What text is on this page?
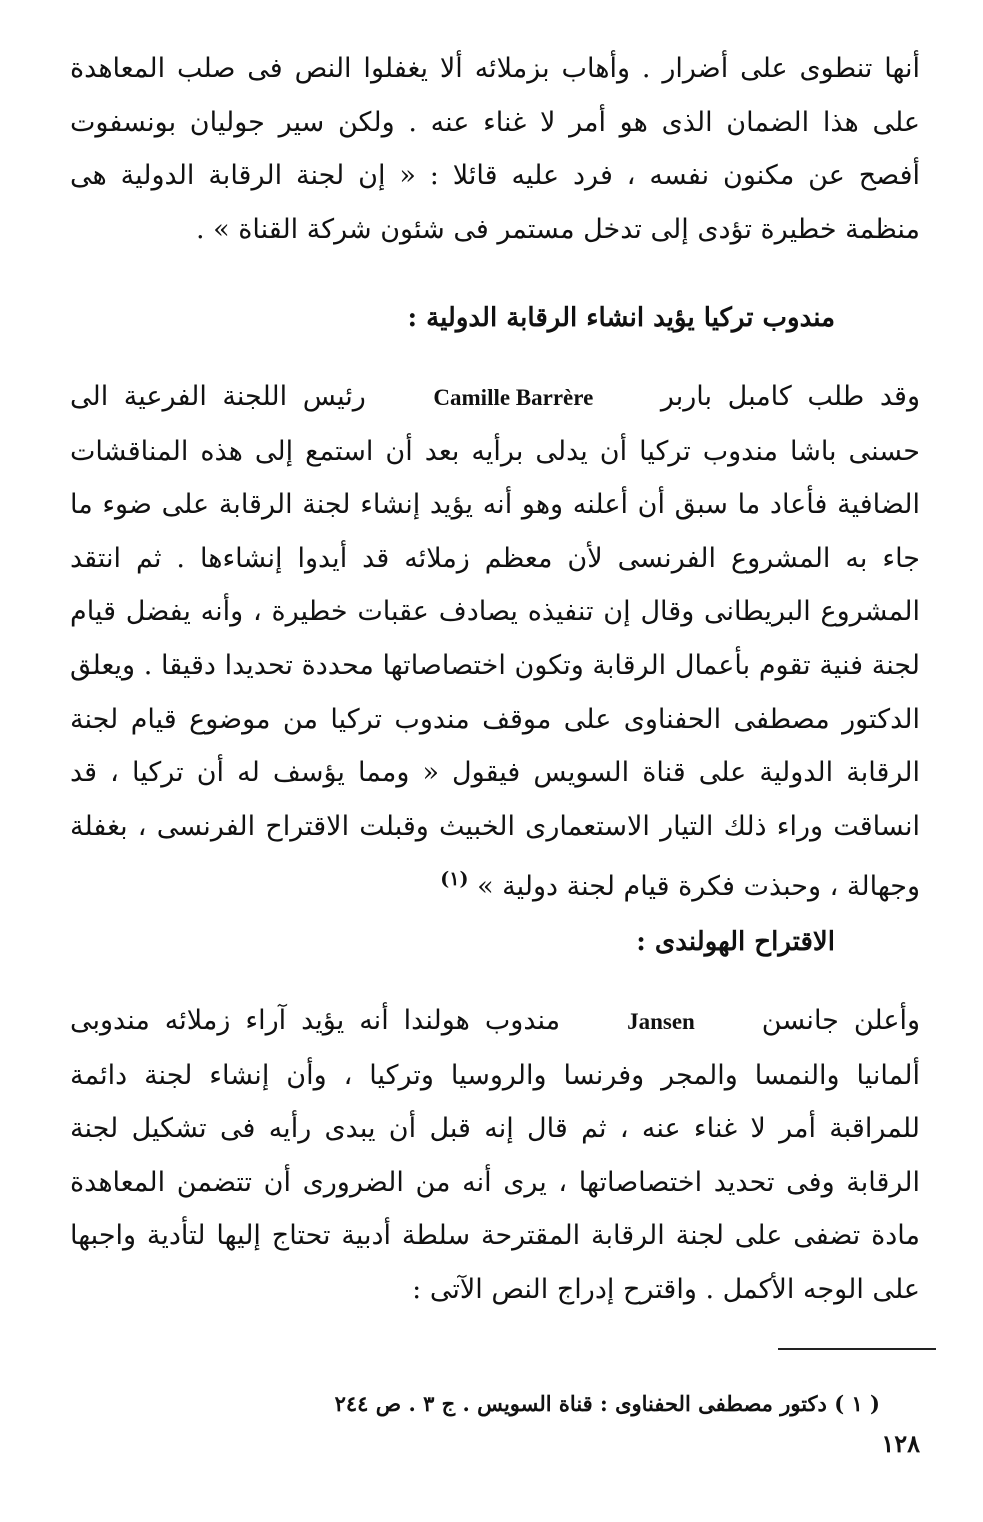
أنها تنطوى على أضرار . وأهاب بزملائه ألا يغفلوا النص فى صلب المعاهدة على هذا الضمان الذى هو أمر لا غناء عنه . ولكن سير جوليان بونسفوت أفصح عن مكنون نفسه ، فرد عليه قائلا : « إن لجنة الرقابة الدولية هى منظمة خطيرة تؤدى إلى تدخل مستمر فى شئون شركة القناة » .

مندوب تركيا يؤيد انشاء الرقابة الدولية :

وقد طلب كامبل باربر Camille Barrère رئيس اللجنة الفرعية الى حسنى باشا مندوب تركيا أن يدلى برأيه بعد أن استمع إلى هذه المناقشات الضافية فأعاد ما سبق أن أعلنه وهو أنه يؤيد إنشاء لجنة الرقابة على ضوء ما جاء به المشروع الفرنسى لأن معظم زملائه قد أيدوا إنشاءها . ثم انتقد المشروع البريطانى وقال إن تنفيذه يصادف عقبات خطيرة ، وأنه يفضل قيام لجنة فنية تقوم بأعمال الرقابة وتكون اختصاصاتها محددة تحديدا دقيقا . ويعلق الدكتور مصطفى الحفناوى على موقف مندوب تركيا من موضوع قيام لجنة الرقابة الدولية على قناة السويس فيقول « ومما يؤسف له أن تركيا ، قد انساقت وراء ذلك التيار الاستعمارى الخبيث وقبلت الاقتراح الفرنسى ، بغفلة وجهالة ، وحبذت فكرة قيام لجنة دولية » $^{(١)}$

الاقتراح الهولندى :

وأعلن جانسن Jansen مندوب هولندا أنه يؤيد آراء زملائه مندوبى ألمانيا والنمسا والمجر وفرنسا والروسيا وتركيا ، وأن إنشاء لجنة دائمة للمراقبة أمر لا غناء عنه ، ثم قال إنه قبل أن يبدى رأيه فى تشكيل لجنة الرقابة وفى تحديد اختصاصاتها ، يرى أنه من الضرورى أن تتضمن المعاهدة مادة تضفى على لجنة الرقابة المقترحة سلطة أدبية تحتاج إليها لتأدية واجبها على الوجه الأكمل . واقترح إدراج النص الآتى :

( ١ ) دكتور مصطفى الحفناوى : قناة السويس . ج ٣ . ص ٢٤٤
١٢٨
